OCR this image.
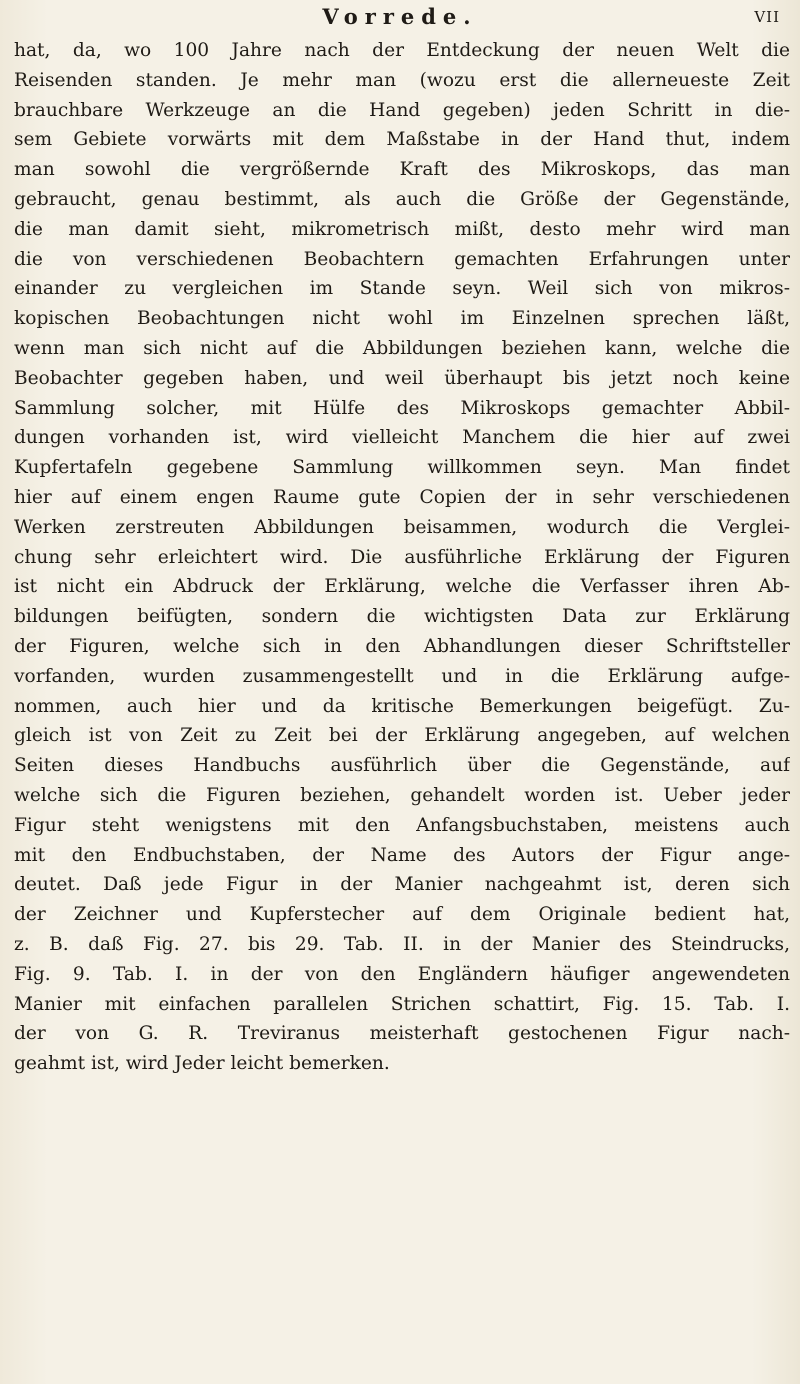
Vorrede.	VII
hat, da, wo 100 Jahre nach der Entdeckung der neuen Welt die
Reisenden standen. Je mehr man (wozu erst die allerneueste Zeit
brauchbare Werkzeuge an die Hand gegeben) jeden Schritt in die-
sem Gebiete vorwärts mit dem Maßstabe in der Hand thut, indem
man sowohl die vergrößernde Kraft des Mikroskops, das man
gebraucht, genau bestimmt, als auch die Größe der Gegenstände,
die man damit sieht, mikrometrisch mißt, desto mehr wird man
die von verschiedenen Beobachtern gemachten Erfahrungen unter
einander zu vergleichen im Stande seyn. Weil sich von mikros-
kopischen Beobachtungen nicht wohl im Einzelnen sprechen läßt,
wenn man sich nicht auf die Abbildungen beziehen kann, welche die
Beobachter gegeben haben, und weil überhaupt bis jetzt noch keine
Sammlung solcher, mit Hülfe des Mikroskops gemachter Abbil-
dungen vorhanden ist, wird vielleicht Manchem die hier auf zwei
Kupfertafeln gegebene Sammlung willkommen seyn. Man findet
hier auf einem engen Raume gute Copien der in sehr verschiedenen
Werken zerstreuten Abbildungen beisammen, wodurch die Verglei-
chung sehr erleichtert wird. Die ausführliche Erklärung der Figuren
ist nicht ein Abdruck der Erklärung, welche die Verfasser ihren Ab-
bildungen beifügten, sondern die wichtigsten Data zur Erklärung
der Figuren, welche sich in den Abhandlungen dieser Schriftsteller
vorfanden, wurden zusammengestellt und in die Erklärung aufge-
nommen, auch hier und da kritische Bemerkungen beigefügt. Zu-
gleich ist von Zeit zu Zeit bei der Erklärung angegeben, auf welchen
Seiten dieses Handbuchs ausführlich über die Gegenstände, auf
welche sich die Figuren beziehen, gehandelt worden ist. Ueber jeder
Figur steht wenigstens mit den Anfangsbuchstaben, meistens auch
mit den Endbuchstaben, der Name des Autors der Figur ange-
deutet. Daß jede Figur in der Manier nachgeahmt ist, deren sich
der Zeichner und Kupferstecher auf dem Originale bedient hat,
z. B. daß Fig. 27. bis 29. Tab. II. in der Manier des Steindrucks,
Fig. 9. Tab. I. in der von den Engländern häufiger angewendeten
Manier mit einfachen parallelen Strichen schattirt, Fig. 15. Tab. I.
der von G. R. Treviranus meisterhaft gestochenen Figur nach-
geahmt ist, wird Jeder leicht bemerken.
